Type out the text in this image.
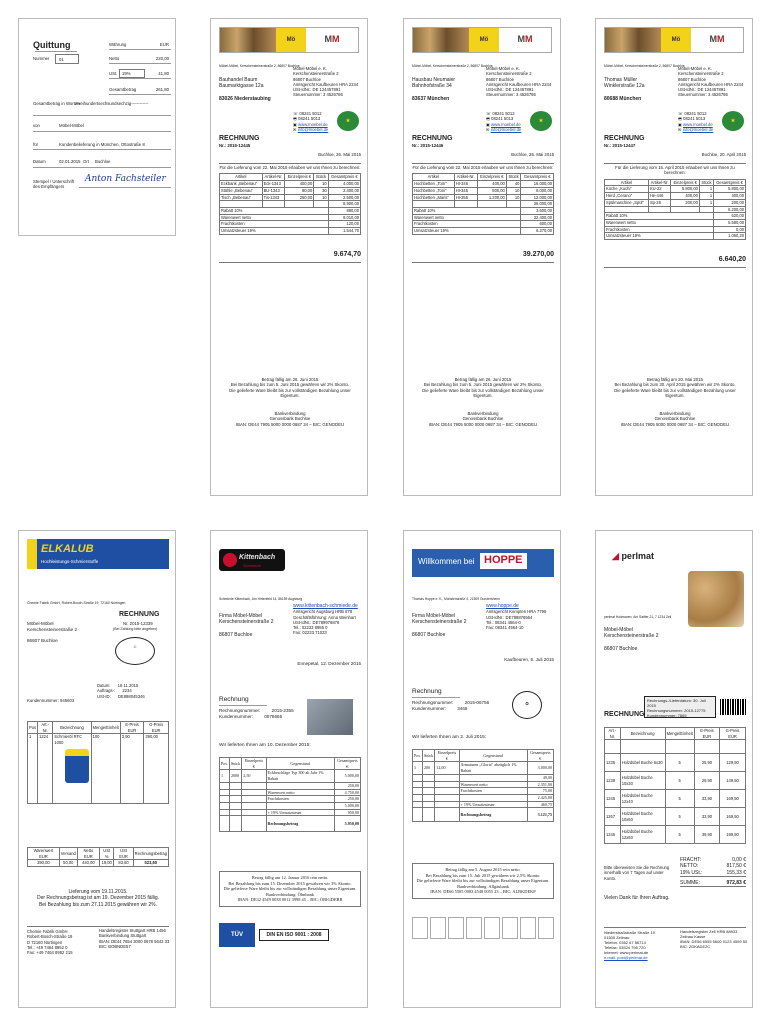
Quittung	Währung	EUR
Nummer	01	Netto	220,00
USt.	19%	41,80
Gesamtbetrag	261,80
Gesamtbetrag in Worten
zweihundertsechsundsechzig------------
von	Möbel-Möbel
für	Kundenbelieferung in München, Ottostraße 8
Datum	02.01.2015 Ort Buchloe
Stempel / Unterschrift des Empfängers
Anton Fachsteiler
Mö	M M
Möbel-Möbel, Kerschensteinerstraße 2, 86807 Buchloe
Bauhandel Baum
Baumarktgasse 12a

83026 Niederstaubing
Möbel-Möbel e. K.
Kerschensteinerstraße 2
86807 Buchloe
Amtsgericht Kaufbeuren HRA 2244
USt-IdNr.: DE 124457891
Steuernummer: 3 4526786
☏ 08241 5012
🖷 08241 5013
▣ www.moebel.de
✉ info@moebel.de
★
RECHNUNG
Nr.: 2015-12445
Buchloe, 26. Mai 2015
Für die Lieferung vom 22. Mai 2015 erlauben wir uns Ihnen zu berechnen:
Artikel	Artikel-Nr.	Einzelpreis €	Stück	Gesamtpreis €
Eckbank „Bebenau"	Eck-1343	400,00	10	4.000,00
Stühle „Bebenau"	BU-1343	80,00	30	2.400,00
Tisch „Bebenau"	Tis-1343	250,00	10	2.500,00
				8.900,00
Rabatt 10%				890,00
Warenwert netto				8.010,00
Frachtkosten				120,00
Umsatzsteuer 19%				1.544,70
9.674,70
Betrag fällig am 26. Juni 2015
Bei Bezahlung bis zum 5. Juni 2015 gewähren wir 2% Skonto.
Die gelieferte Ware bleibt bis zur vollständigen Bezahlung unser Eigentum.
Bankverbindung
Genossbank Buchloe
IBAN: DE44 7905 5000 0000 0687 34 – BIC: GENODEU
Mö	M M
Möbel-Möbel, Kerschensteinerstraße 2, 86807 Buchloe
Hausbau Neumaier
Bahnhofstraße 34

83637 München
Möbel-Möbel e. K.
Kerschensteinerstraße 2
86807 Buchloe
Amtsgericht Kaufbeuren HRA 2244
USt-IdNr.: DE 124457891
Steuernummer: 3 4526786
☏ 08241 5012
🖷 08241 5013
▣ www.moebel.de
✉ info@moebel.de
★
RECHNUNG
Nr.: 2015-12446
Buchloe, 26. Mai 2015
Für die Lieferung vom 22. Mai 2015 erlauben wir uns Ihnen zu berechnen:
Artikel	Artikel-Nr.	Einzelpreis €	Stück	Gesamtpreis €
Hochbetten „Tom"	HI-346	400,00	40	16.000,00
Hochbetten „Toni"	HI-345	800,00	10	8.000,00
Hochbetten „Maris"	HI-355	1.200,00	10	12.000,00
				36.000,00
Rabatt 10%				3.600,00
Warenwert netto				32.400,00
Frachtkosten				600,00
Umsatzsteuer 19%				6.270,00
39.270,00
Betrag fällig am 26. Juni 2015
Bei Bezahlung bis zum 5. Juni 2015 gewähren wir 2% Skonto.
Die gelieferte Ware bleibt bis zur vollständigen Bezahlung unser Eigentum.
Bankverbindung
Genossbank Buchloe
IBAN: DE44 7905 5000 0000 0687 34 – BIC: GENODEU
Mö	M M
Möbel-Möbel, Kerschensteinerstraße 2, 86807 Buchloe
Thomas Müller
Winklerstraße 12a

80688 München
Möbel-Möbel e. K.
Kerschensteinerstraße 2
86807 Buchloe
Amtsgericht Kaufbeuren HRA 2244
USt-IdNr.: DE 124457891
Steuernummer: 3 4526786
☏ 08241 5012
🖷 08241 5013
▣ www.moebel.de
✉ info@moebel.de
★
RECHNUNG
Nr.: 2015-12447
Buchloe, 20. April 2015
Für die Lieferung vom 15. April 2015 erlauben wir uns Ihnen zu berechnen:
Artikel	Artikel-Nr.	Einzelpreis €	Stück	Gesamtpreis €
Küche „Kuchi"	KU-22	5.800,00	1	5.800,00
Herd „Cerano"	He-446	400,00	1	400,00
Spülmaschine „Spül"	Sp-28	200,00	1	200,00
				6.200,00
Rabatt 10%				620,00
Warenwert netto				5.580,00
Frachtkosten				0,00
Umsatzsteuer 19%				1.060,20
6.640,20
Betrag fällig am 20. Mai 2015
Bei Bezahlung bis zum 30. April 2015 gewähren wir 2% Skonto.
Die gelieferte Ware bleibt bis zur vollständigen Bezahlung unser Eigentum.
Bankverbindung
Genossbank Buchloe
IBAN: DE44 7905 5000 0000 0687 34 – BIC: GENODEU
ELKALUB
Hochleistungs-Schmierstoffe
Chemie Fabrik GmbH, Robert-Bosch-Straße 19, 72160 Nürtingen
RECHNUNG
Nr. 2015-12339
(Bei Zahlung bitte angeben)
Möbel-Möbel
Kerschensteinerstraße 2

86807 Buchloe
☺
Datum: 19.11.2015
Auftrags-: 2234
USt-ID: DE898045346
Kundennummer: 945603
Pos	Art.-Nr.	Bezeichnung	Menge/Einheit	E-Preis EUR	G-Preis EUR
1	1224	Schmieröl RFC 1000	100	3,90	390,00
Warenwert EUR	Versand	Netto EUR	USt %	USt EUR	Rechnungsbetrag
390,00	50,00	440,00	19,00	83,60	523,60
Lieferung vom 19.11.2015.
Der Rechnungsbetrag ist am 19. Dezember 2015 fällig.
Bei Bezahlung bis zum 27.11.2015 gewähren wir 2%.
Chemie Fabrik GmbH
Robert-Bosch-Straße 19
D 72160 Nürtingen
Tel.: +49 7464 8952 0
Fax: +49 7464 8952 215
Handelsregister Stuttgart HRB 1456
Bankverbindung Stuttgart
IBAN: DE44 7654 3000 0678 5643 33
BIC: BOBNDE57
Kittenbach
Schmiede
Schmiede Kittenbach, Am Hirtenfeld 14, 86159 Augsburg
Firma Möbel-Möbel
Kerschensteinerstraße 2

86807 Buchloe
www.kittenbach-schmiede.de
Amtsgericht Augsburg HRB 878
Geschäftsführung: Anna Weinhart
USt-IdNr.: DE789976878
Tel.: 02233 8955 0
Fax: 02233 71023
Ennepetal, 12. Dezember 2015
Rechnung
Rechnungsnummer: 2015-2355
Kundennummer: 0078665
Wir lieferten Ihnen am 10. Dezember 2015:
Pos.	Stück	Einzelpreis €	Gegenstand	Gesamtpreis €
1	2000	2,50	Eckbeschläge Typ 300 ab Jahr 1% Rabatt	5.000,00
				250,00
			Warenwert netto	4.750,00
			Frachtkosten	250,00
				5.000,00
			+ 19% Umsatzsteuer	950,00
			Rechnungsbetrag	5.950,00
Betrag fällig am 12. Januar 2016 rein netto.
Bei Bezahlung bis zum 15. Dezember 2015 gewähren wir 3% Skonto.
Die gelieferte Ware bleibt bis zur vollständigen Bezahlung unser Eigentum.
Bankverbindung: Ölmbank
IBAN: DE32 4549 0038 0012 3998 45 – BIC: ÖBIGDEBB
TÜV	DIN EN ISO 9001 : 2008
Willkommen bei HOPPE
Thomas Hoppe e. K., Münsterstraße 4, 21509 Gundersheim
Firma Möbel-Möbel
Kerschensteinerstraße 2

86807 Buchloe
www.hoppe.de
Amtsgericht Kempten HRA 7799
USt-IdNr.: DE789876564
Tel.: 08341 4564-0
Fax: 08341 4564-10
Kaufbeuren, 5. Juli 2015
Rechnung
Rechnungsnummer: 2015-06756
Kundennummer: 3465
✪
Wir lieferten Ihnen am 2. Juli 2015:
Pos.	Stück	Einzelpreis €	Gegenstand	Gesamtpreis €
1	200	12,00	Armaturen „Gloria" abzüglich 1% Rabatt	3.000,00
				49,00
			Warenwert netto	2.351,00
			Frachtkosten	75,00
				2.425,00
			+ 19% Umsatzsteuer	460,75
			Rechnungsbetrag	3.121,75
Betrag fällig am 5. August 2015 rein netto.
Bei Bezahlung bis zum 15. Juli 2015 gewähren wir 2,5% Skonto.
Die gelieferte Ware bleibt bis zur vollständigen Bezahlung unser Eigentum.
Bankverbindung: Allgäubank
IBAN: DE66 5505 0003 4548 0055 23 – BIC: ALBKDEKP
◢ perlmat
perlmat Holzwaren, Am Sattler 21, 7 1234 Zell
Möbel-Möbel
Kerschensteinerstraße 2

86807 Buchloe
RECHNUNG
Rechnungs-/Lieferdatum: 30. Juli 2015
Rechnungsnummer: 2015-12775
Kundennummer: 7865
Art.-Nr.	Bezeichnung	Menge/Einheit	E-Preis EUR	G-Preis EUR

1235	Holzdübel Buche 6x30	5	25,90	129,50
1238	Holzdübel Buche 10x30	5	29,90	149,50
1245	Holzdübel Buche 12x40	5	33,90	169,50
1267	Holzdübel Buche 10x60	5	33,90	169,50
1246	Holzdübel Buche 12x60	5	39,90	199,50
Bitte überweisen Sie die Rechnung innerhalb von 7 Tagen auf unser Konto.
FRACHT:	0,00 €
NETTO:	817,50 €
19% USt.:	155,33 €
SUMME:	972,83 €
Vielen Dank für Ihren Auftrag.
Niederstraßstraße Straße 19
01505 Zellnau
Telefon: 0352 67 56714
Telefax: 03524 795 720
Internet: www.perlmat.de
e-mail: post@perlmat.de
Handelsregister Zell HRB 88933
Zellnau Kasse
IBAN: DE56 6555 5600 0123 4599 50
BIC: ZDKADE2C
